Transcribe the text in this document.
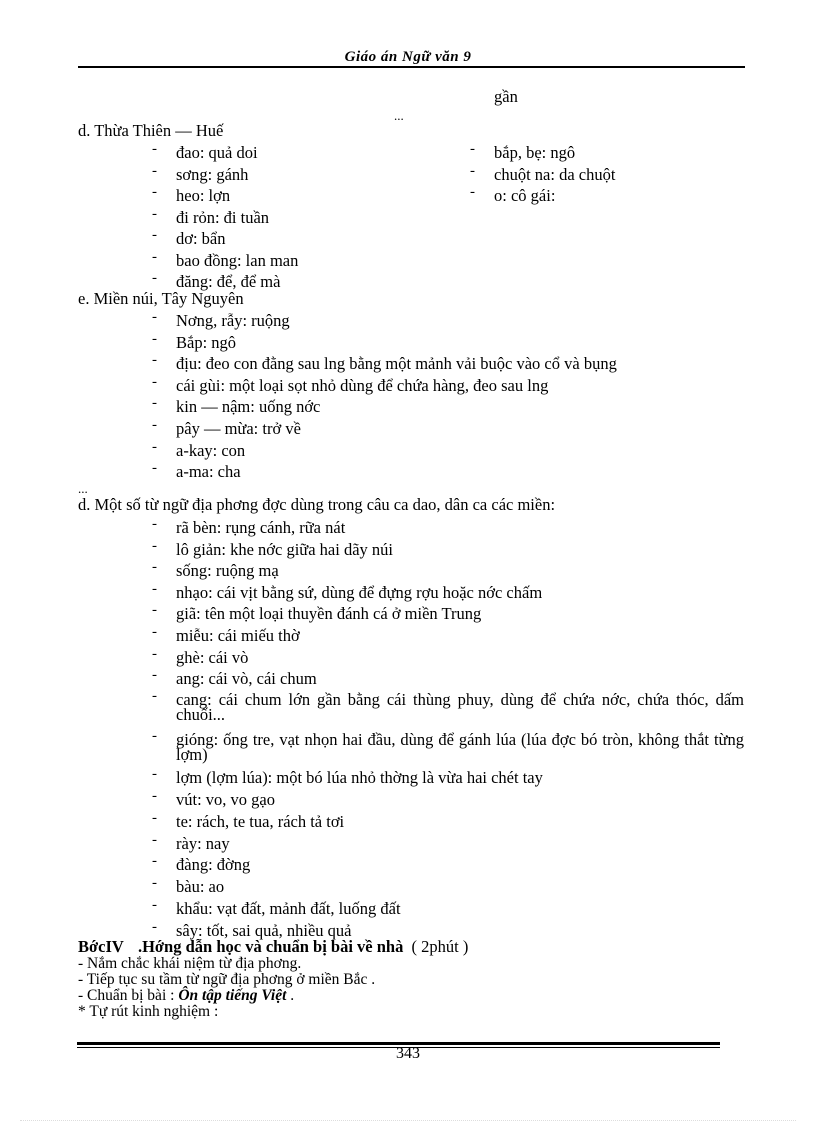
Giáo án Ngữ văn 9
gần
...
d. Thừa Thiên — Huế
- đao: quả doi
- sơng: gánh
- heo: lợn
- đi rỏn: đi tuần
- dơ: bẩn
- bao đồng: lan man
- đăng: để, để mà
- bắp, bẹ: ngô
- chuột na: da chuột
- o: cô gái:
e. Miền núi, Tây Nguyên
- Nơng, rẫy: ruộng
- Bắp: ngô
- địu: đeo con đằng sau lng bằng một mảnh vải buộc vào cổ và bụng
- cái gùi: một loại sọt nhỏ dùng để chứa hàng, đeo sau lng
- kin — nậm: uống nớc
- pây — mừa: trở về
- a-kay: con
- a-ma: cha
...
d. Một số từ ngữ địa phơng đợc dùng trong câu ca dao, dân ca các miền:
- rã bèn: rụng cánh, rữa nát
- lô giản: khe nớc giữa hai dãy núi
- sống: ruộng mạ
- nhạo: cái vịt bằng sứ, dùng để đựng rợu hoặc nớc chấm
- giã: tên một loại thuyền đánh cá ở miền Trung
- miễu: cái miếu thờ
- ghè: cái vò
- ang: cái vò, cái chum
- cang: cái chum lớn gần bằng cái thùng phuy, dùng để chứa nớc, chứa thóc, dấm chuối...
- gióng: ống tre, vạt nhọn hai đầu, dùng để gánh lúa (lúa đợc bó tròn, không thắt từng lợm)
- lợm (lợm lúa): một bó lúa nhỏ thờng là vừa hai chét tay
- vút: vo, vo gạo
- te: rách, te tua, rách tả tơi
- rày: nay
- đàng: đờng
- bàu: ao
- khẩu: vạt đất, mảnh đất, luống đất
- sây: tốt, sai quả, nhiều quả
BớcIV .Hớng dẫn học và chuẩn bị bài về nhà ( 2phút )
- Nắm chắc khái niệm từ địa phơng.
- Tiếp tục su tầm từ ngữ địa phơng ở miền Bắc .
- Chuẩn bị bài : Ôn tập tiếng Việt .
* Tự rút kinh nghiệm :
343
